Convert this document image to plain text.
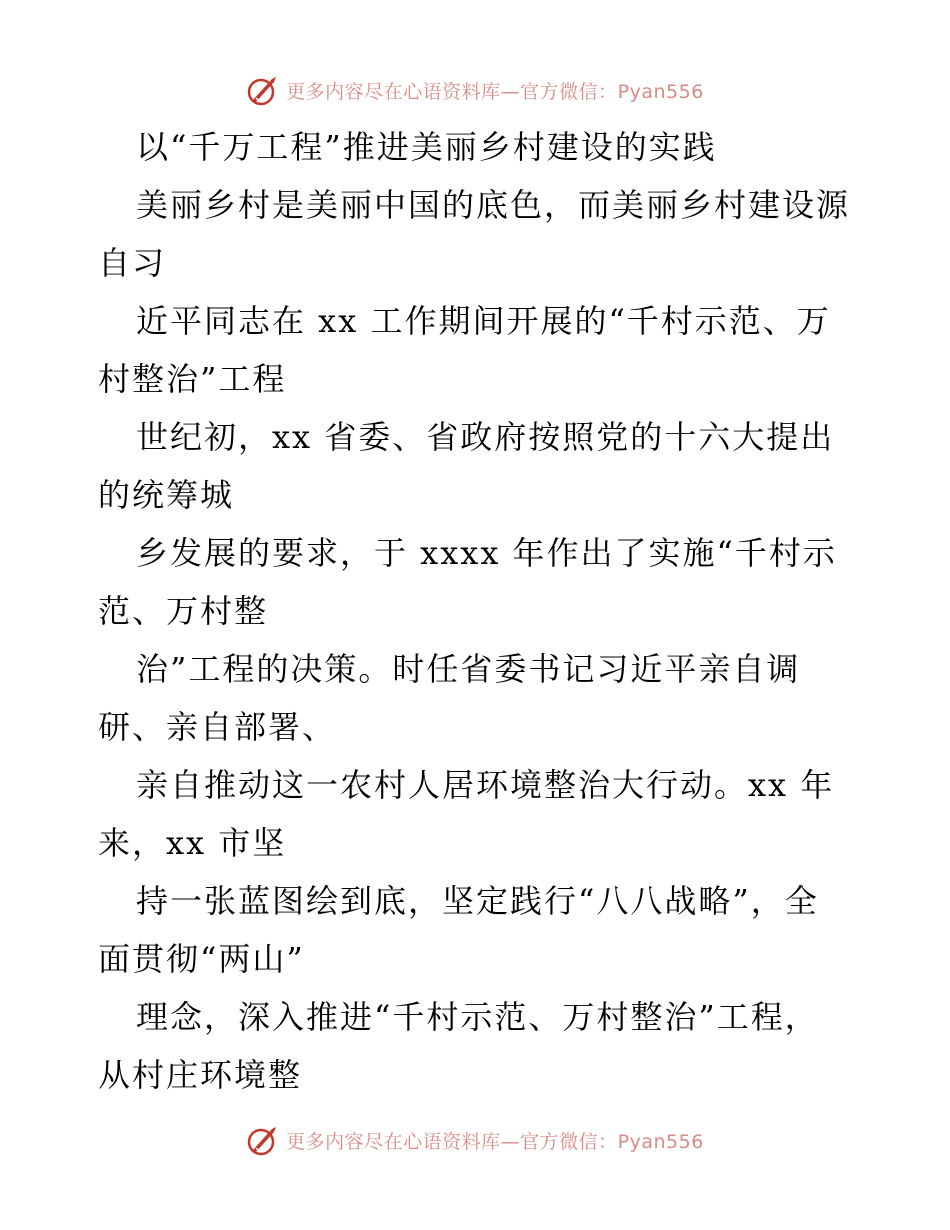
更多内容尽在心语资料库—官方微信：Pyan556
以“千万工程”推进美丽乡村建设的实践
美丽乡村是美丽中国的底色，而美丽乡村建设源
自习
近平同志在 xx 工作期间开展的“千村示范、万
村整治”工程
世纪初，xx 省委、省政府按照党的十六大提出
的统筹城
乡发展的要求，于 xxxx 年作出了实施“千村示
范、万村整
治”工程的决策。时任省委书记习近平亲自调
研、亲自部署、
亲自推动这一农村人居环境整治大行动。xx 年
来，xx 市坚
持一张蓝图绘到底，坚定践行“八八战略”，全
面贯彻“两山”
理念，深入推进“千村示范、万村整治”工程，
从村庄环境整
更多内容尽在心语资料库—官方微信：Pyan556
